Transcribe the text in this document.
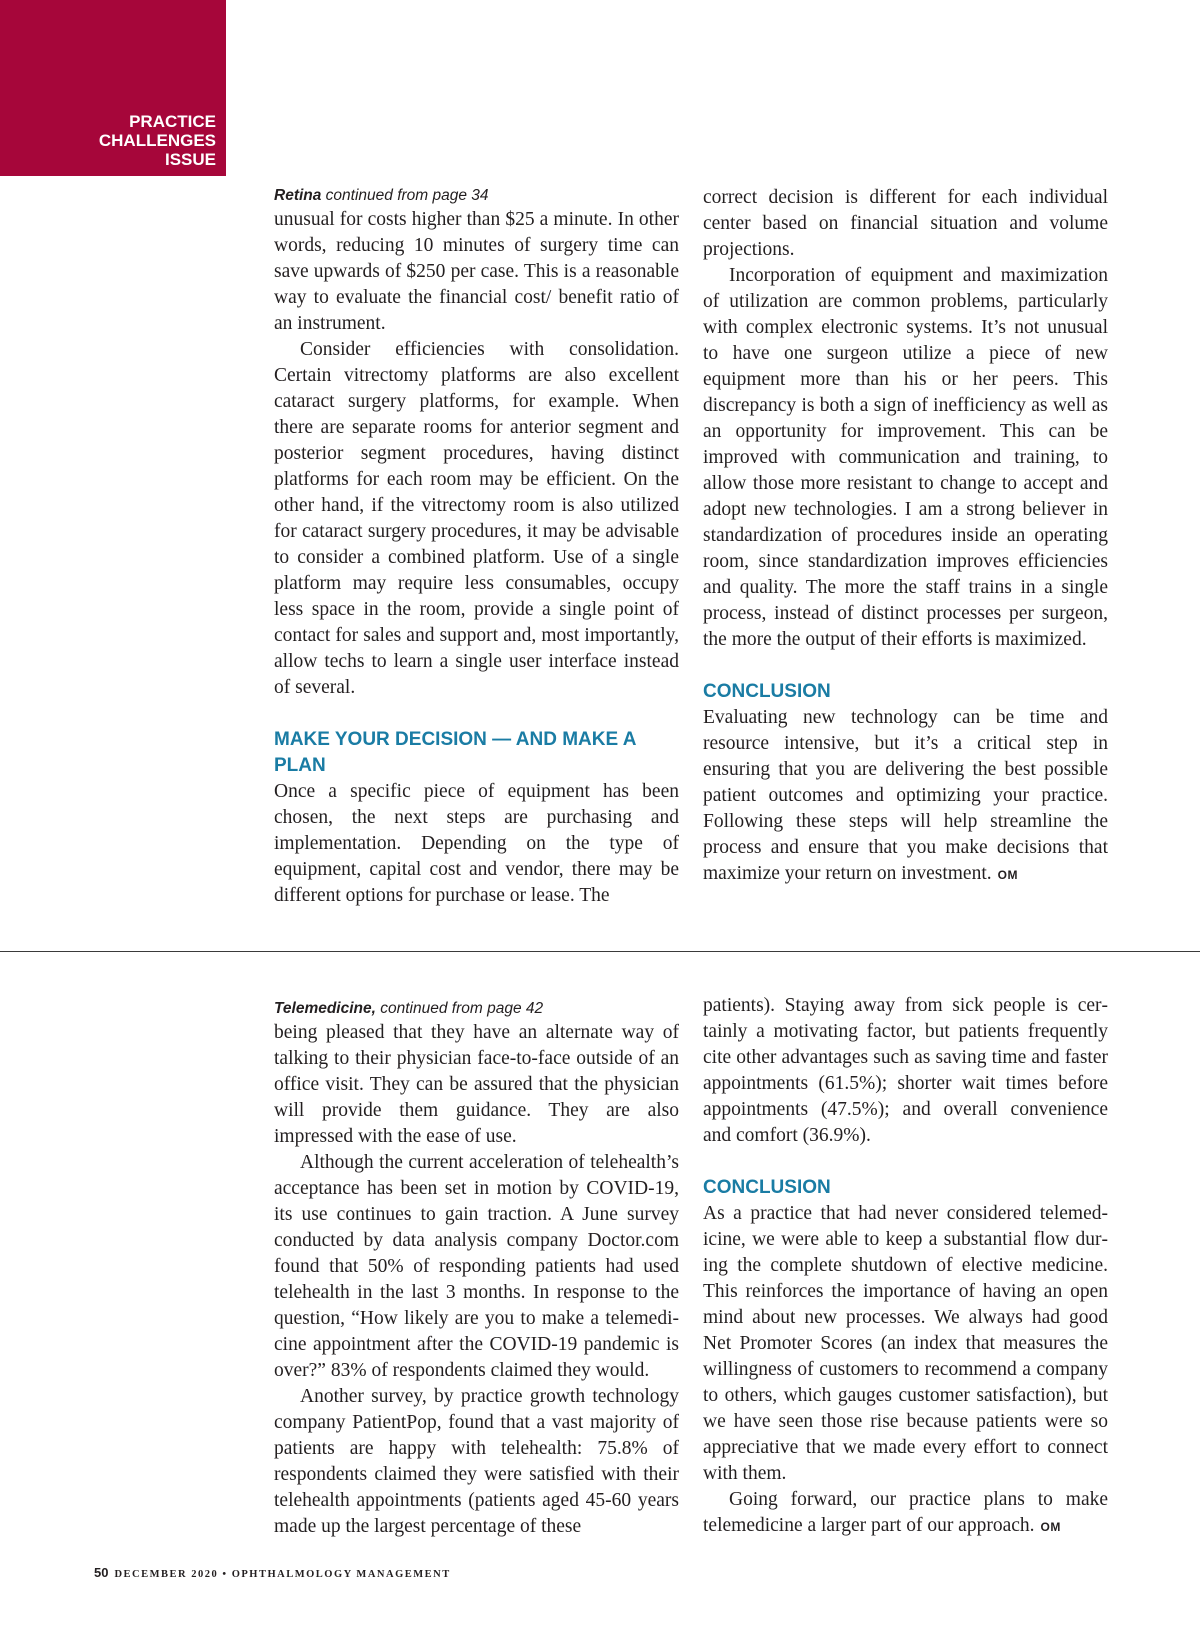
PRACTICE
CHALLENGES
ISSUE

Retina continued from page 34

unusual for costs higher than $25 a minute. In other words, reducing 10 minutes of surgery time can save upwards of $250 per case. This is a reasonable way to evaluate the financial cost/ benefit ratio of an instrument.

Consider efficiencies with consolidation. Certain vitrectomy platforms are also excellent cataract surgery platforms, for example. When there are separate rooms for anterior segment and posterior segment procedures, having distinct platforms for each room may be efficient. On the other hand, if the vitrectomy room is also utilized for cataract surgery procedures, it may be advisable to consider a combined platform. Use of a single platform may require less consumables, occupy less space in the room, provide a single point of contact for sales and support and, most importantly, allow techs to learn a single user interface instead of several.

MAKE YOUR DECISION — AND MAKE A PLAN

Once a specific piece of equipment has been chosen, the next steps are purchasing and implementation. Depending on the type of equipment, capital cost and vendor, there may be different options for purchase or lease. The

correct decision is different for each individual center based on financial situation and volume projections.

Incorporation of equipment and maximization of utilization are common problems, particularly with complex electronic systems. It’s not unusual to have one surgeon utilize a piece of new equipment more than his or her peers. This discrepancy is both a sign of inefficiency as well as an opportunity for improvement. This can be improved with communication and training, to allow those more resistant to change to accept and adopt new technologies. I am a strong believer in standardization of procedures inside an operating room, since standardization improves efficiencies and quality. The more the staff trains in a single process, instead of distinct processes per surgeon, the more the output of their efforts is maximized.

CONCLUSION

Evaluating new technology can be time and resource intensive, but it’s a critical step in ensuring that you are delivering the best possible patient outcomes and optimizing your practice. Following these steps will help streamline the process and ensure that you make decisions that maximize your return on investment. OM

Telemedicine, continued from page 42

being pleased that they have an alternate way of talking to their physician face-to-face outside of an office visit. They can be assured that the physician will provide them guidance. They are also impressed with the ease of use.

Although the current acceleration of telehealth’s acceptance has been set in motion by COVID-19, its use continues to gain traction. A June survey conducted by data analysis company Doctor.com found that 50% of responding patients had used telehealth in the last 3 months. In response to the question, “How likely are you to make a telemedicine appointment after the COVID-19 pandemic is over?” 83% of respondents claimed they would.

Another survey, by practice growth technology company PatientPop, found that a vast majority of patients are happy with telehealth: 75.8% of respondents claimed they were satisfied with their telehealth appointments (patients aged 45-60 years made up the largest percentage of these

patients). Staying away from sick people is certainly a motivating factor, but patients frequently cite other advantages such as saving time and faster appointments (61.5%); shorter wait times before appointments (47.5%); and overall convenience and comfort (36.9%).

CONCLUSION

As a practice that had never considered telemedicine, we were able to keep a substantial flow during the complete shutdown of elective medicine. This reinforces the importance of having an open mind about new processes. We always had good Net Promoter Scores (an index that measures the willingness of customers to recommend a company to others, which gauges customer satisfaction), but we have seen those rise because patients were so appreciative that we made every effort to connect with them.

Going forward, our practice plans to make telemedicine a larger part of our approach. OM

50 DECEMBER 2020 • OPHTHALMOLOGY MANAGEMENT
